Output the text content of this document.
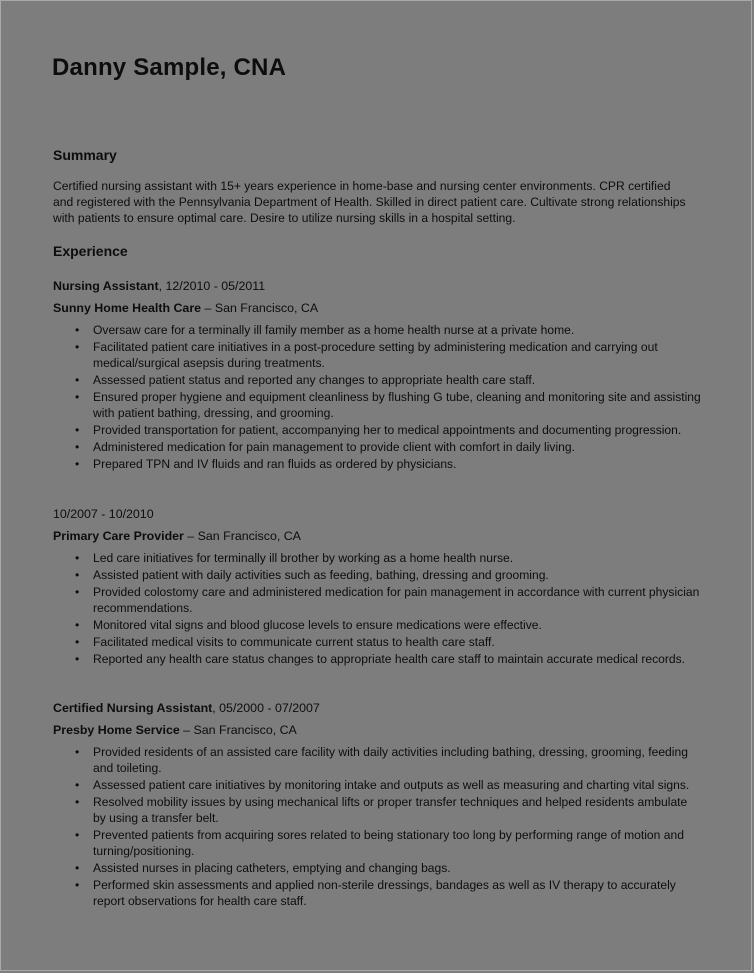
Danny Sample, CNA
Summary

Certified nursing assistant with 15+ years experience in home-base and nursing center environments. CPR certified and registered with the Pennsylvania Department of Health. Skilled in direct patient care. Cultivate strong relationships with patients to ensure optimal care. Desire to utilize nursing skills in a hospital setting.

Experience

Nursing Assistant, 12/2010 - 05/2011

Sunny Home Health Care – San Francisco, CA

• Oversaw care for a terminally ill family member as a home health nurse at a private home.
• Facilitated patient care initiatives in a post-procedure setting by administering medication and carrying out medical/surgical asepsis during treatments.
• Assessed patient status and reported any changes to appropriate health care staff.
• Ensured proper hygiene and equipment cleanliness by flushing G tube, cleaning and monitoring site and assisting with patient bathing, dressing, and grooming.
• Provided transportation for patient, accompanying her to medical appointments and documenting progression.
• Administered medication for pain management to provide client with comfort in daily living.
• Prepared TPN and IV fluids and ran fluids as ordered by physicians.

10/2007 - 10/2010

Primary Care Provider – San Francisco, CA

• Led care initiatives for terminally ill brother by working as a home health nurse.
• Assisted patient with daily activities such as feeding, bathing, dressing and grooming.
• Provided colostomy care and administered medication for pain management in accordance with current physician recommendations.
• Monitored vital signs and blood glucose levels to ensure medications were effective.
• Facilitated medical visits to communicate current status to health care staff.
• Reported any health care status changes to appropriate health care staff to maintain accurate medical records.

Certified Nursing Assistant, 05/2000 - 07/2007

Presby Home Service – San Francisco, CA

• Provided residents of an assisted care facility with daily activities including bathing, dressing, grooming, feeding and toileting.
• Assessed patient care initiatives by monitoring intake and outputs as well as measuring and charting vital signs.
• Resolved mobility issues by using mechanical lifts or proper transfer techniques and helped residents ambulate by using a transfer belt.
• Prevented patients from acquiring sores related to being stationary too long by performing range of motion and turning/positioning.
• Assisted nurses in placing catheters, emptying and changing bags.
• Performed skin assessments and applied non-sterile dressings, bandages as well as IV therapy to accurately report observations for health care staff.
